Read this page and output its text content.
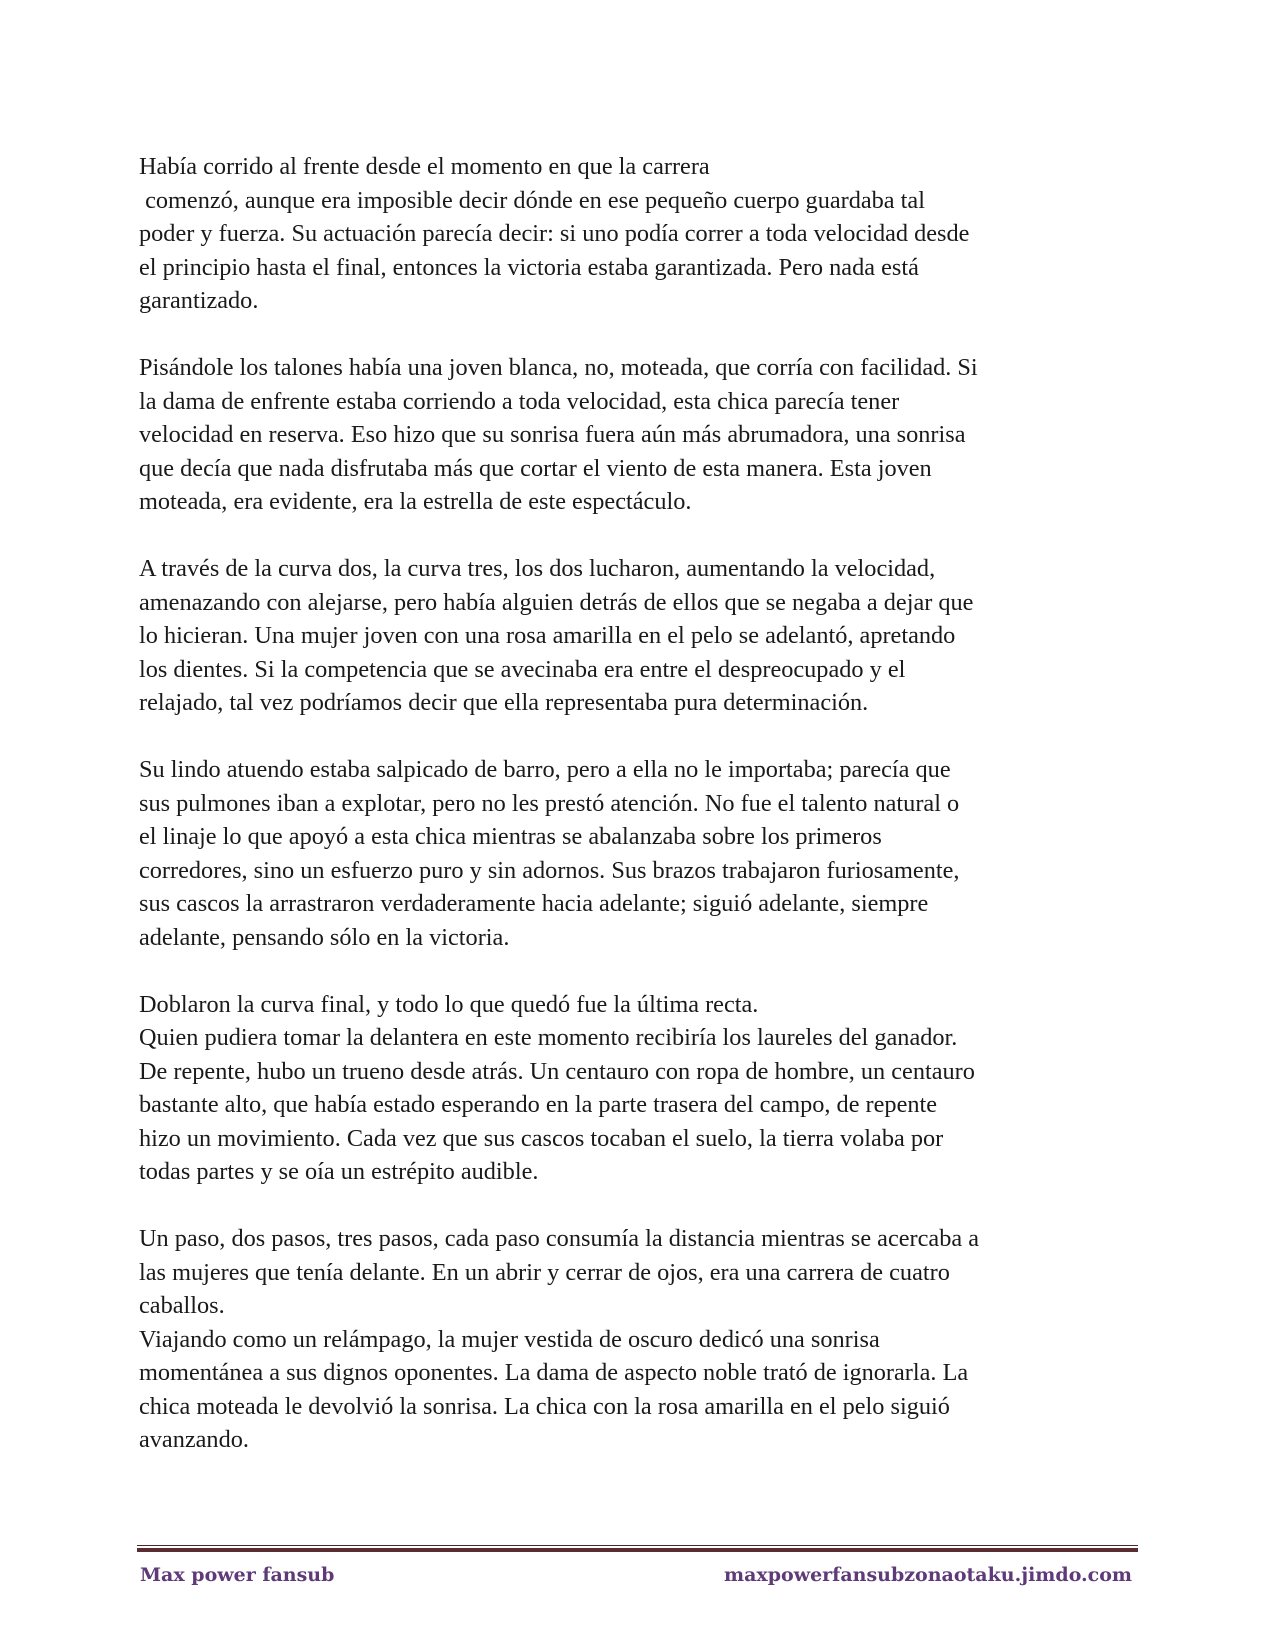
Había corrido al frente desde el momento en que la carrera
comenzó, aunque era imposible decir dónde en ese pequeño cuerpo guardaba tal
poder y fuerza. Su actuación parecía decir: si uno podía correr a toda velocidad desde
el principio hasta el final, entonces la victoria estaba garantizada. Pero nada está
garantizado.

Pisándole los talones había una joven blanca, no, moteada, que corría con facilidad. Si
la dama de enfrente estaba corriendo a toda velocidad, esta chica parecía tener
velocidad en reserva. Eso hizo que su sonrisa fuera aún más abrumadora, una sonrisa
que decía que nada disfrutaba más que cortar el viento de esta manera. Esta joven
moteada, era evidente, era la estrella de este espectáculo.

A través de la curva dos, la curva tres, los dos lucharon, aumentando la velocidad,
amenazando con alejarse, pero había alguien detrás de ellos que se negaba a dejar que
lo hicieran. Una mujer joven con una rosa amarilla en el pelo se adelantó, apretando
los dientes. Si la competencia que se avecinaba era entre el despreocupado y el
relajado, tal vez podríamos decir que ella representaba pura determinación.

Su lindo atuendo estaba salpicado de barro, pero a ella no le importaba; parecía que
sus pulmones iban a explotar, pero no les prestó atención. No fue el talento natural o
el linaje lo que apoyó a esta chica mientras se abalanzaba sobre los primeros
corredores, sino un esfuerzo puro y sin adornos. Sus brazos trabajaron furiosamente,
sus cascos la arrastraron verdaderamente hacia adelante; siguió adelante, siempre
adelante, pensando sólo en la victoria.

Doblaron la curva final, y todo lo que quedó fue la última recta.
Quien pudiera tomar la delantera en este momento recibiría los laureles del ganador.
De repente, hubo un trueno desde atrás. Un centauro con ropa de hombre, un centauro
bastante alto, que había estado esperando en la parte trasera del campo, de repente
hizo un movimiento. Cada vez que sus cascos tocaban el suelo, la tierra volaba por
todas partes y se oía un estrépito audible.

Un paso, dos pasos, tres pasos, cada paso consumía la distancia mientras se acercaba a
las mujeres que tenía delante. En un abrir y cerrar de ojos, era una carrera de cuatro
caballos.
Viajando como un relámpago, la mujer vestida de oscuro dedicó una sonrisa
momentánea a sus dignos oponentes. La dama de aspecto noble trató de ignorarla. La
chica moteada le devolvió la sonrisa. La chica con la rosa amarilla en el pelo siguió
avanzando.

Max power fansub	maxpowerfansubzonaotaku.jimdo.com
